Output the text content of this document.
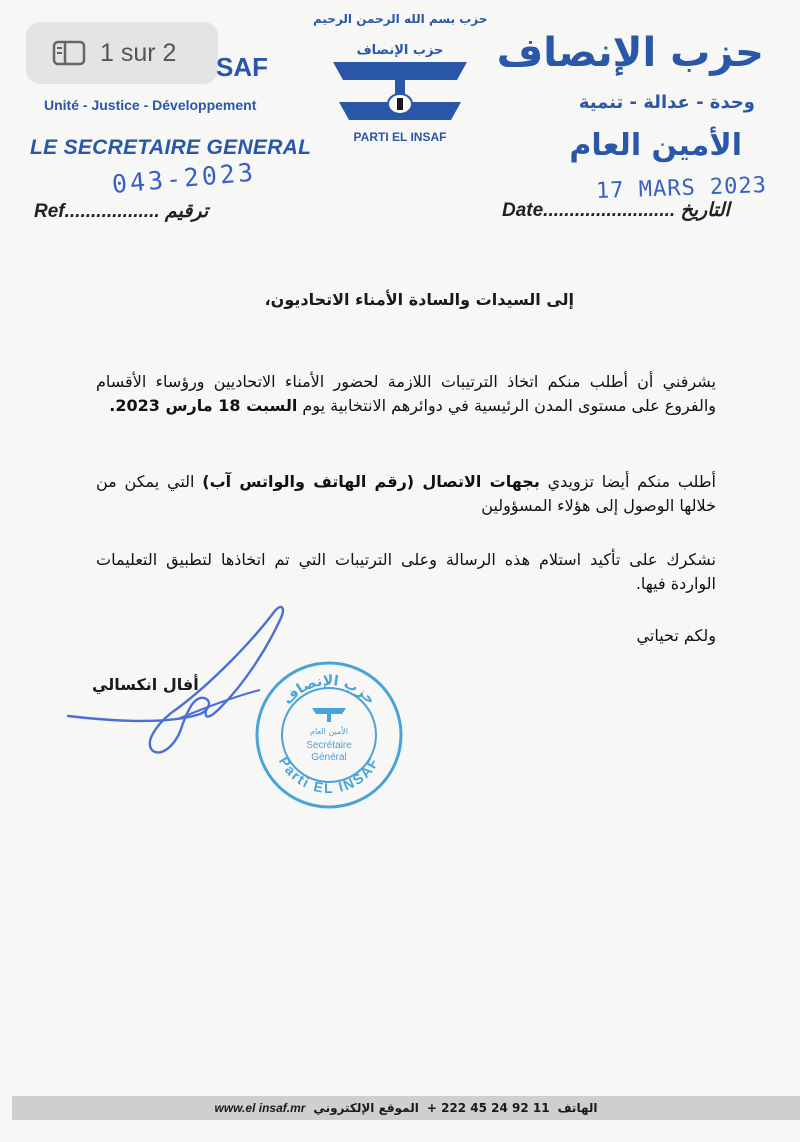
1 sur 2 SAF
Unité - Justice - Développement
LE SECRETAIRE GENERAL
043-2023
Ref.................. ترقيم
حزب بسم الله الرحمن الرحيم
حزب الإنصاف
PARTI EL INSAF
حزب الإنصاف
وحدة - عدالة - تنمية
الأمين العام
17 MARS 2023
Date......................... التاريخ
إلى السيدات والسادة الأمناء الاتحاديون،
يشرفني أن أطلب منكم اتخاذ الترتيبات اللازمة لحضور الأمناء الاتحاديين ورؤساء الأقسام والفروع على مستوى المدن الرئيسية في دوائرهم الانتخابية يوم السبت 18 مارس 2023.
أطلب منكم أيضا تزويدي بجهات الاتصال (رقم الهاتف والواتس آب) التي يمكن من خلالها الوصول إلى هؤلاء المسؤولين
نشكرك على تأكيد استلام هذه الرسالة وعلى الترتيبات التي تم اتخاذها لتطبيق التعليمات الواردة فيها.
ولكم تحياتي
أفال انكسالي
حزب الإنصاف
Parti EL INSAF
الأمين العام
Secrétaire
Général
www.el insaf.mr الموقع الإلكتروني + 222 45 24 92 11 الهاتف
